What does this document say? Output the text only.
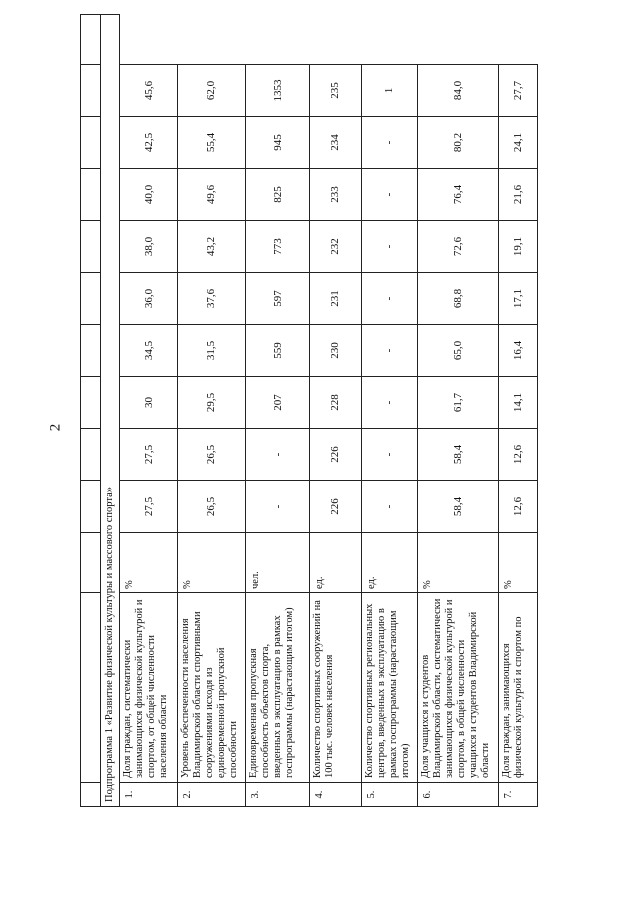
2

Подпрограмма 1 «Развитие физической культуры и массового спорта»												
1.	Доля граждан, систематически занимающихся физической культурой и спортом, от общей численности населения области	%	27,5	27,5	30	34,5	36,0	38,0	40,0	42,5	45,6	
2.	Уровень обеспеченности населения Владимирской области спортивными сооружениями исходя из единовременной пропускной способности	%	26,5	26,5	29,5	31,5	37,6	43,2	49,6	55,4	62,0	
3.	Единовременная пропускная способность объектов спорта, введенных в эксплуатацию в рамках госпрограммы (нарастающим итогом)	чел.	-	-	207	559	597	773	825	945	1353	
4.	Количество спортивных сооружений на 100 тыс. человек населения	ед.	226	226	228	230	231	232	233	234	235	
5.	Количество спортивных региональных центров, введенных в эксплуатацию в рамках госпрограммы (нарастающим итогом)	ед.	-	-	-	-	-	-	-	-	1	
6.	Доля учащихся и студентов Владимирской области, систематически занимающихся физической культурой и спортом, в общей численности учащихся и студентов Владимирской области	%	58,4	58,4	61,7	65,0	68,8	72,6	76,4	80,2	84,0	
7.	Доля граждан, занимающихся физической культурой и спортом по	%	12,6	12,6	14,1	16,4	17,1	19,1	21,6	24,1	27,7	
